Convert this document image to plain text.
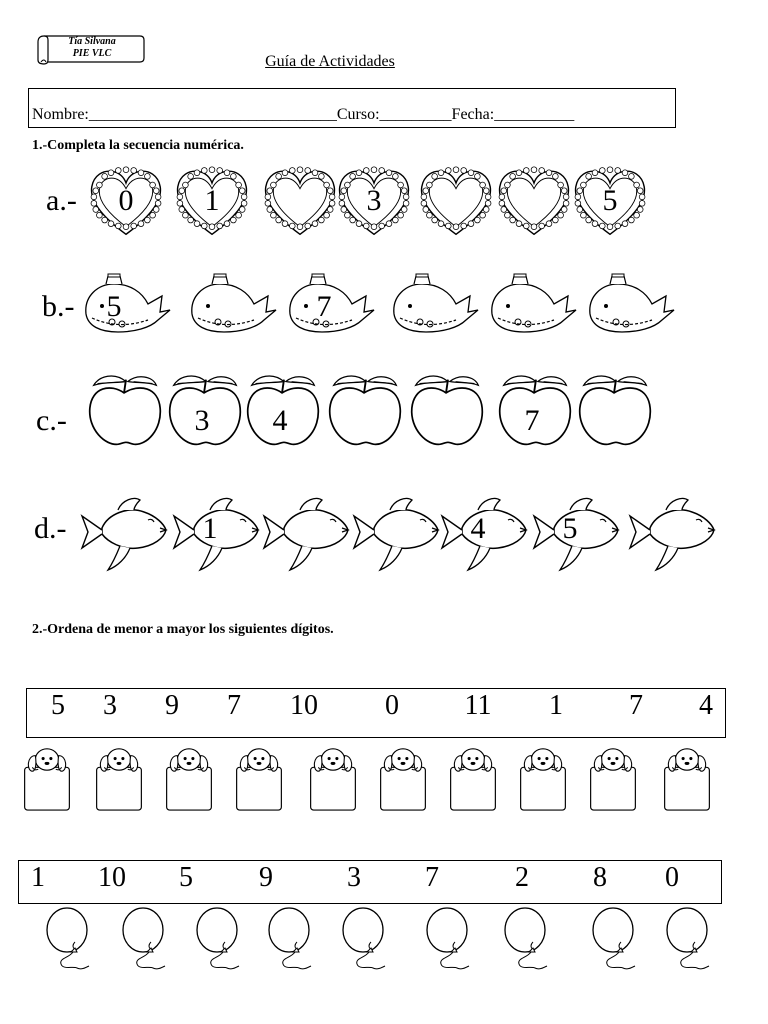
Tía Silvana
PIE VLC	Guía de Actividades
Nombre:_______________________________Curso:_________Fecha:__________
1.-Completa la secuencia numérica.
a.-
b.-
c.-
d.-
2.-Ordena de menor a mayor los siguientes dígitos.
0	1	3	5
5	7
3	4	7
1	4	5
5	3	9	7	10	0	11	1	7	4
1	10	5	9	3	7	2	8	0
